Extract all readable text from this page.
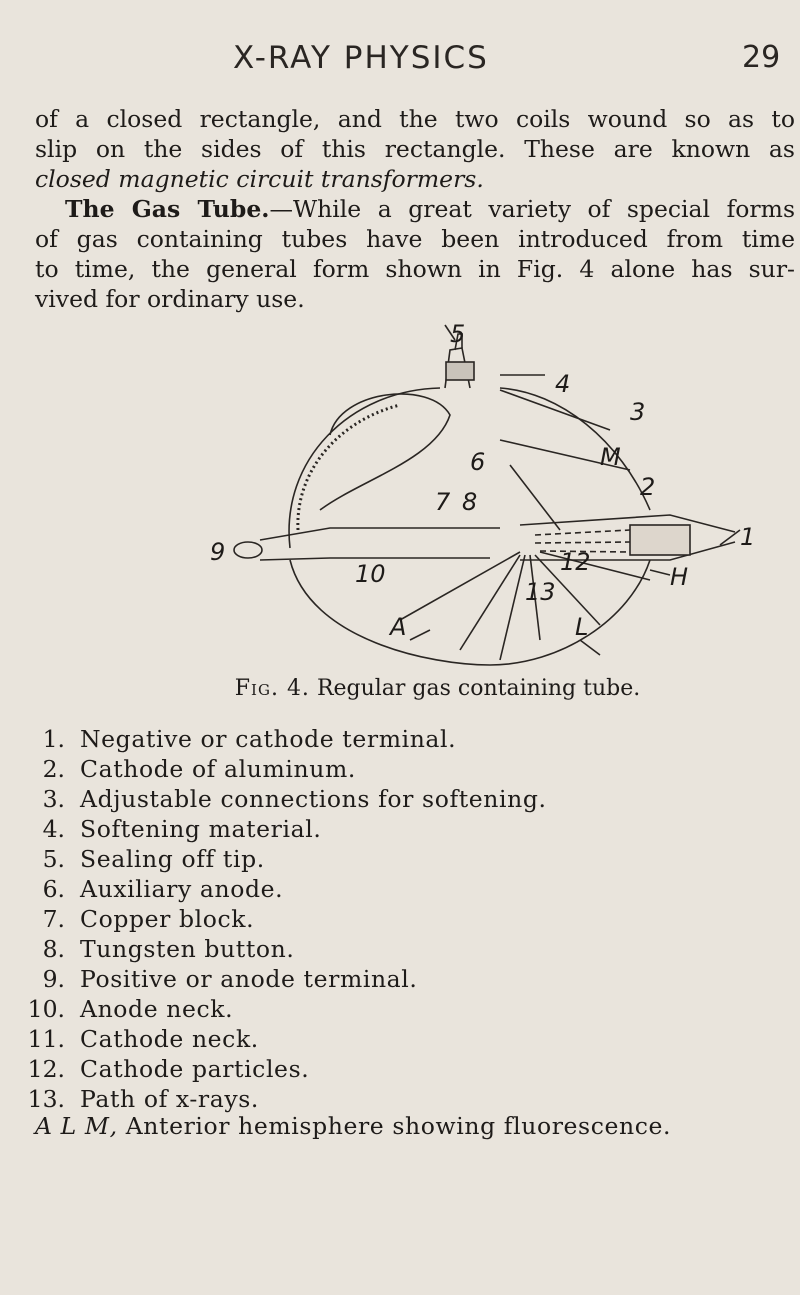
X-RAY PHYSICS	29
of a closed rectangle, and the two coils wound so as to
slip on the sides of this rectangle. These are known as
closed magnetic circuit transformers.
The Gas Tube.—While a great variety of special forms
of gas containing tubes have been introduced from time
to time, the general form shown in Fig. 4 alone has sur-
vived for ordinary use.
5
4
3
M
6
7 8
2
1
9
10	12
H
13
A	L
Fig. 4. Regular gas containing tube.
1. Negative or cathode terminal.
2. Cathode of aluminum.
3. Adjustable connections for softening.
4. Softening material.
5. Sealing off tip.
6. Auxiliary anode.
7. Copper block.
8. Tungsten button.
9. Positive or anode terminal.
10. Anode neck.
11. Cathode neck.
12. Cathode particles.
13. Path of x-rays.
A L M, Anterior hemisphere showing fluorescence.
